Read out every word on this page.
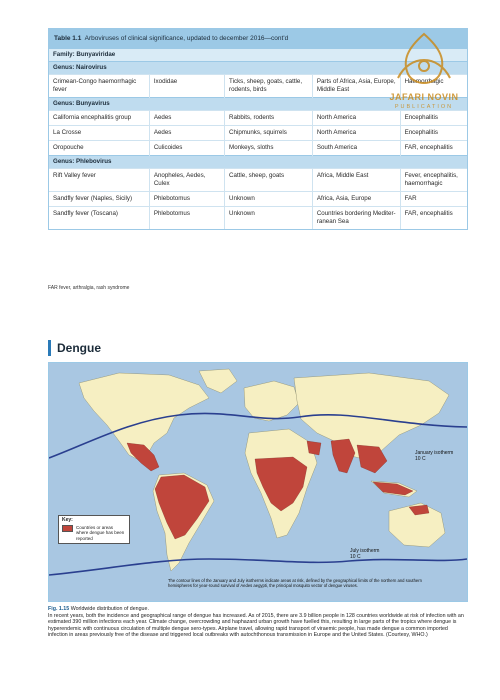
Table 1.1 Arboviruses of clinical significance, updated to december 2016—cont'd
Family: Bunyaviridae				
Genus: Nairovirus				
Crimean-Congo haemorrhagic fever	Ixodidae	Ticks, sheep, goats, cattle, rodents, birds	Parts of Africa, Asia, Europe, Middle East	Haemorrhagic
Genus: Bunyavirus				
California encephalitis group	Aedes	Rabbits, rodents	North America	Encephalitis
La Crosse	Aedes	Chipmunks, squirrels	North America	Encephalitis
Oropouche	Culicoides	Monkeys, sloths	South America	FAR, encephalitis
Genus: Phlebovirus				
Rift Valley fever	Anopheles, Aedes, Culex	Cattle, sheep, goats	Africa, Middle East	Fever, encephalitis, haemorrhagic
Sandfly fever (Naples, Sicily)	Phlebotomus	Unknown	Africa, Asia, Europe	FAR
Sandfly fever (Toscana)	Phlebotomus	Unknown	Countries bordering Mediter-ranean Sea	FAR, encephalitis
FAR fever, arthralgia, rash syndrome
Dengue
January isotherm
10 C
July isotherm
10 C
Key:
Countries or areas where dengue has been reported
The contour lines of the January and July isotherms indicate areas at risk, defined by the geographical limits of the northern and southern hemispheres for year-round survival of Aedes aegypti, the principal mosquito vector of dengue viruses.
Fig. 1.15 Worldwide distribution of dengue.
In recent years, both the incidence and geographical range of dengue has increased. As of 2015, there are 3.9 billion people in 128 countries worldwide at risk of infection with an estimated 390 million infections each year. Climate change, overcrowding and haphazard urban growth have fuelled this, resulting in large parts of the tropics where dengue is hyperendemic with continuous circulation of multiple dengue sero-types. Airplane travel, allowing rapid transport of viraemic people, has made dengue a common imported infection in areas previously free of the disease and triggered local outbreaks with autochthonous transmission in Europe and the United States. (Courtesy, WHO.)
JAFARI NOVIN
PUBLICATION
